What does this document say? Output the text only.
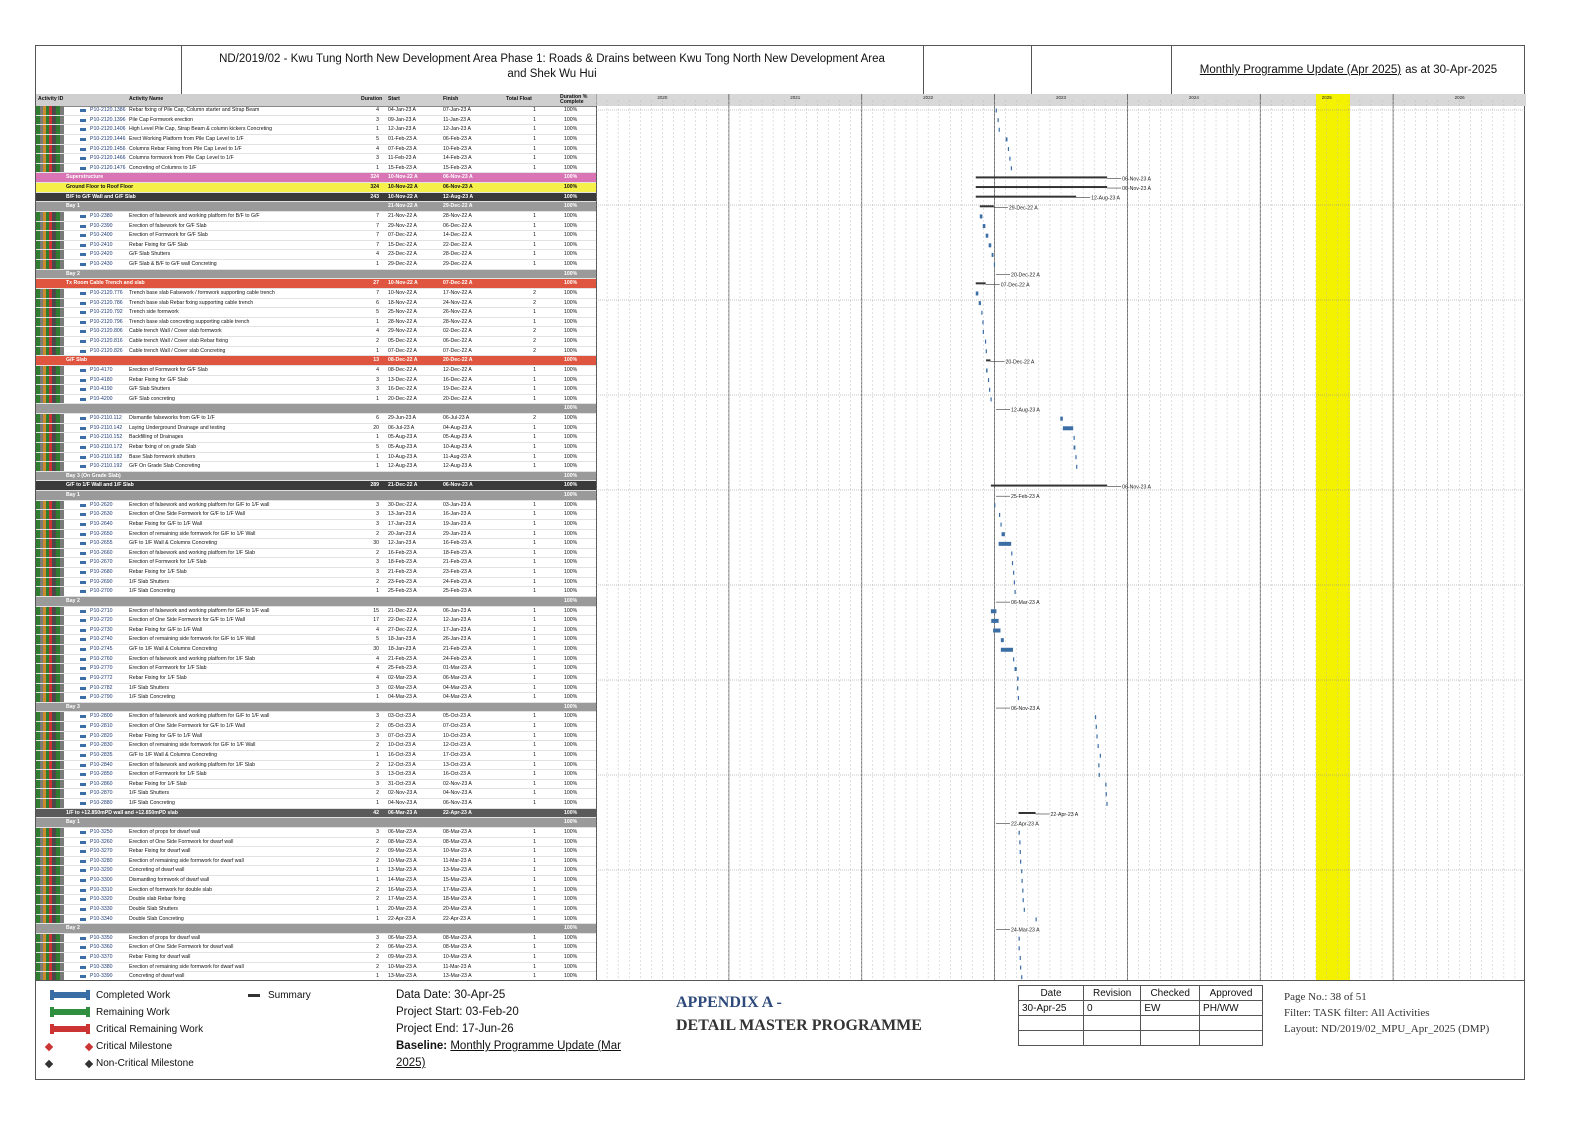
ND/2019/02 - Kwu Tung North New Development Area Phase 1: Roads & Drains between Kwu Tong North New Development Area
and Shek Wu Hui	Monthly Programme Update (Apr 2025) as at 30-Apr-2025
Activity ID	Activity Name	Duration Start	Finish	Total Float	Duration % Complete
P10-2120.1386 Rebar fixing of Pile Cap, Column starter and Strap Beam	4 04-Jan-23 A	07-Jan-23 A	1	100%
P10-2120.1396 Pile Cap Formwork erection	3 09-Jan-23 A	11-Jan-23 A	1	100%
P10-2120.1406 High Level Pile Cap, Strap Beam & column kickers Concreting	1 12-Jan-23 A	12-Jan-23 A	1	100%
P10-2120.1446 Erect Working Platform from Pile Cap Level to 1/F	5 01-Feb-23 A	06-Feb-23 A	1	100%
P10-2120.1456 Columns Rebar Fixing from Pile Cap Level to 1/F	4 07-Feb-23 A	10-Feb-23 A	1	100%
P10-2120.1466 Columns formwork from Pile Cap Level to 1/F	3 11-Feb-23 A	14-Feb-23 A	1	100%
P10-2120.1476 Concreting of Columns to 1/F	1 15-Feb-23 A	15-Feb-23 A	1	100%
Superstructure	324 10-Nov-22 A	06-Nov-23 A	100%
Ground Floor to Roof Floor	324 10-Nov-22 A	06-Nov-23 A	100%
B/F to G/F Wall and G/F Slab	243 10-Nov-22 A	12-Aug-23 A	100%
Bay 1	21-Nov-22 A	29-Dec-22 A	100%
P10-2380	Erection of falsework and working platform for B/F to G/F	7 21-Nov-22 A	28-Nov-22 A	1	100%
P10-2390	Erection of falsework for G/F Slab	7 29-Nov-22 A	06-Dec-22 A	1	100%
P10-2400	Erection of Formwork for G/F Slab	7 07-Dec-22 A	14-Dec-22 A	1	100%
P10-2410	Rebar Fixing for G/F Slab	7 15-Dec-22 A	22-Dec-22 A	1	100%
P10-2420	G/F Slab Shutters	4 23-Dec-22 A	28-Dec-22 A	1	100%
P10-2430	G/F Slab & B/F to G/F wall Concreting	1 29-Dec-22 A	29-Dec-22 A	1	100%
Bay 2	100%
Tx Room Cable Trench and slab	27 10-Nov-22 A	07-Dec-22 A	100%
P10-2120.776	Trench base slab Falsework / formwork supporting cable trench	7 10-Nov-22 A	17-Nov-22 A	2	100%
P10-2120.786	Trench base slab Rebar fixing supporting cable trench	6 18-Nov-22 A	24-Nov-22 A	2	100%
P10-2120.792	Trench side formwork	5 25-Nov-22 A	26-Nov-22 A	1	100%
P10-2120.796	Trench base slab concreting supporting cable trench	1 28-Nov-22 A	28-Nov-22 A	1	100%
P10-2120.806	Cable trench Wall / Cover slab formwork	4 29-Nov-22 A	02-Dec-22 A	2	100%
P10-2120.816	Cable trench Wall / Cover slab Rebar fixing	2 05-Dec-22 A	06-Dec-22 A	2	100%
P10-2120.826	Cable trench Wall / Cover slab Concreting	1 07-Dec-22 A	07-Dec-22 A	2	100%
G/F Slab	13 08-Dec-22 A	20-Dec-22 A	100%
P10-4170	Erection of Formwork for G/F Slab	4 08-Dec-22 A	12-Dec-22 A	1	100%
P10-4180	Rebar Fixing for G/F Slab	3 13-Dec-22 A	16-Dec-22 A	1	100%
P10-4190	G/F Slab Shutters	3 16-Dec-22 A	19-Dec-22 A	1	100%
P10-4200	G/F Slab concreting	1 20-Dec-22 A	20-Dec-22 A	1	100%
100%
P10-2110.112	Dismantle falseworks from G/F to 1/F	6 29-Jun-23 A	06-Jul-23 A	2	100%
P10-2110.142	Laying Underground Drainage and testing	20 06-Jul-23 A	04-Aug-23 A	1	100%
P10-2110.152	Backfilling of Drainages	1 05-Aug-23 A	05-Aug-23 A	1	100%
P10-2110.172	Rebar fixing of on grade Slab	5 05-Aug-23 A	10-Aug-23 A	1	100%
P10-2110.182	Base Slab formwork shutters	1 10-Aug-23 A	11-Aug-23 A	1	100%
P10-2110.192	G/F On Grade Slab Concreting	1 12-Aug-23 A	12-Aug-23 A	1	100%
Bay 3 (On Grade Slab)	100%
G/F to 1/F Wall and 1/F Slab	289 21-Dec-22 A	06-Nov-23 A	100%
Bay 1	100%
P10-2620	Erection of falsework and working platform for G/F to 1/F wall	3 30-Dec-22 A	03-Jan-23 A	1	100%
P10-2630	Erection of One Side Formwork for G/F to 1/F Wall	3 13-Jan-23 A	16-Jan-23 A	1	100%
P10-2640	Rebar Fixing for G/F to 1/F Wall	3 17-Jan-23 A	19-Jan-23 A	1	100%
P10-2650	Erection of remaining side formwork for G/F to 1/F Wall	2 20-Jan-23 A	29-Jan-23 A	1	100%
P10-2655	G/F to 1/F Wall & Columns Concreting	30 12-Jan-23 A	16-Feb-23 A	1	100%
P10-2660	Erection of falsework and working platform for 1/F Slab	2 16-Feb-23 A	18-Feb-23 A	1	100%
P10-2670	Erection of Formwork for 1/F Slab	3 18-Feb-23 A	21-Feb-23 A	1	100%
P10-2680	Rebar Fixing for 1/F Slab	3 21-Feb-23 A	23-Feb-23 A	1	100%
P10-2690	1/F Slab Shutters	2 23-Feb-23 A	24-Feb-23 A	1	100%
P10-2700	1/F Slab Concreting	1 25-Feb-23 A	25-Feb-23 A	1	100%
Bay 2	100%
P10-2710	Erection of falsework and working platform for G/F to 1/F wall	15 21-Dec-22 A	06-Jan-23 A	1	100%
P10-2720	Erection of One Side Formwork for G/F to 1/F Wall	17 22-Dec-22 A	12-Jan-23 A	1	100%
P10-2730	Rebar Fixing for G/F to 1/F Wall	4 27-Dec-22 A	17-Jan-23 A	1	100%
P10-2740	Erection of remaining side formwork for G/F to 1/F Wall	5 18-Jan-23 A	26-Jan-23 A	1	100%
P10-2745	G/F to 1/F Wall & Columns Concreting	30 18-Jan-23 A	21-Feb-23 A	1	100%
P10-2760	Erection of falsework and working platform for 1/F Slab	4 21-Feb-23 A	24-Feb-23 A	1	100%
P10-2770	Erection of Formwork for 1/F Slab	4 25-Feb-23 A	01-Mar-23 A	1	100%
P10-2772	Rebar Fixing for 1/F Slab	4 02-Mar-23 A	06-Mar-23 A	1	100%
P10-2782	1/F Slab Shutters	3 02-Mar-23 A	04-Mar-23 A	1	100%
P10-2790	1/F Slab Concreting	1 04-Mar-23 A	04-Mar-23 A	1	100%
Bay 3	100%
P10-2800	Erection of falsework and working platform for G/F to 1/F wall	3 03-Oct-23 A	05-Oct-23 A	1	100%
P10-2810	Erection of One Side Formwork for G/F to 1/F Wall	2 05-Oct-23 A	07-Oct-23 A	1	100%
P10-2820	Rebar Fixing for G/F to 1/F Wall	3 07-Oct-23 A	10-Oct-23 A	1	100%
P10-2830	Erection of remaining side formwork for G/F to 1/F Wall	2 10-Oct-23 A	12-Oct-23 A	1	100%
P10-2835	G/F to 1/F Wall & Columns Concreting	1 16-Oct-23 A	17-Oct-23 A	1	100%
P10-2840	Erection of falsework and working platform for 1/F Slab	2 12-Oct-23 A	13-Oct-23 A	1	100%
P10-2850	Erection of Formwork for 1/F Slab	3 13-Oct-23 A	16-Oct-23 A	1	100%
P10-2860	Rebar Fixing for 1/F Slab	3 31-Oct-23 A	02-Nov-23 A	1	100%
P10-2870	1/F Slab Shutters	2 02-Nov-23 A	04-Nov-23 A	1	100%
P10-2880	1/F Slab Concreting	1 04-Nov-23 A	06-Nov-23 A	1	100%
1/F to +12.850mPD wall and +12.850mPD slab	42 06-Mar-23 A	22-Apr-23 A	100%
Bay 1	100%
P10-3250	Erection of props for dwarf wall	3 06-Mar-23 A	08-Mar-23 A	1	100%
P10-3260	Erection of One Side Formwork for dwarf wall	2 08-Mar-23 A	08-Mar-23 A	1	100%
P10-3270	Rebar Fixing for dwarf wall	2 09-Mar-23 A	10-Mar-23 A	1	100%
P10-3280	Erection of remaining side formwork for dwarf wall	2 10-Mar-23 A	11-Mar-23 A	1	100%
P10-3290	Concreting of dwarf wall	1 13-Mar-23 A	13-Mar-23 A	1	100%
P10-3300	Dismantling formwork of dwarf wall	1 14-Mar-23 A	15-Mar-23 A	1	100%
P10-3310	Erection of formwork for double slab	2 16-Mar-23 A	17-Mar-23 A	1	100%
P10-3320	Double slab Rebar fixing	2 17-Mar-23 A	18-Mar-23 A	1	100%
P10-3330	Double Slab Shutters	1 20-Mar-23 A	20-Mar-23 A	1	100%
P10-3340	Double Slab Concreting	1 22-Apr-23 A	22-Apr-23 A	1	100%
Bay 2	100%
P10-3350	Erection of props for dwarf wall	3 06-Mar-23 A	08-Mar-23 A	1	100%
P10-3360	Erection of One Side Formwork for dwarf wall	2 06-Mar-23 A	08-Mar-23 A	1	100%
P10-3370	Rebar Fixing for dwarf wall	2 09-Mar-23 A	10-Mar-23 A	1	100%
P10-3380	Erection of remaining side formwork for dwarf wall	2 10-Mar-23 A	11-Mar-23 A	1	100%
P10-3390	Concreting of dwarf wall	1 13-Mar-23 A	13-Mar-23 A	1	100%
2020	2021	2022	2023	2024	2025	2026
06-Nov-23 A
06-Nov-23 A
12-Aug-23 A
29-Dec-22 A
20-Dec-22 A
07-Dec-22 A
20-Dec-22 A
12-Aug-23 A
06-Nov-23 A
25-Feb-23 A
06-Mar-23 A
06-Nov-23 A
22-Apr-23 A
22-Apr-23 A
24-Mar-23 A
Completed Work
Remaining Work
Critical Remaining Work
Critical Milestone
Non-Critical Milestone
Summary	Data Date: 30-Apr-25
Project Start: 03-Feb-20
Project End: 17-Jun-26
Baseline: Monthly Programme Update (Mar 2025)
APPENDIX A -
DETAIL MASTER PROGRAMME
Date	Revision	Checked	Approved
30-Apr-25	0	EW	PH/WW

Page No.: 38 of 51
Filter: TASK filter: All Activities
Layout: ND/2019/02_MPU_Apr_2025 (DMP)
